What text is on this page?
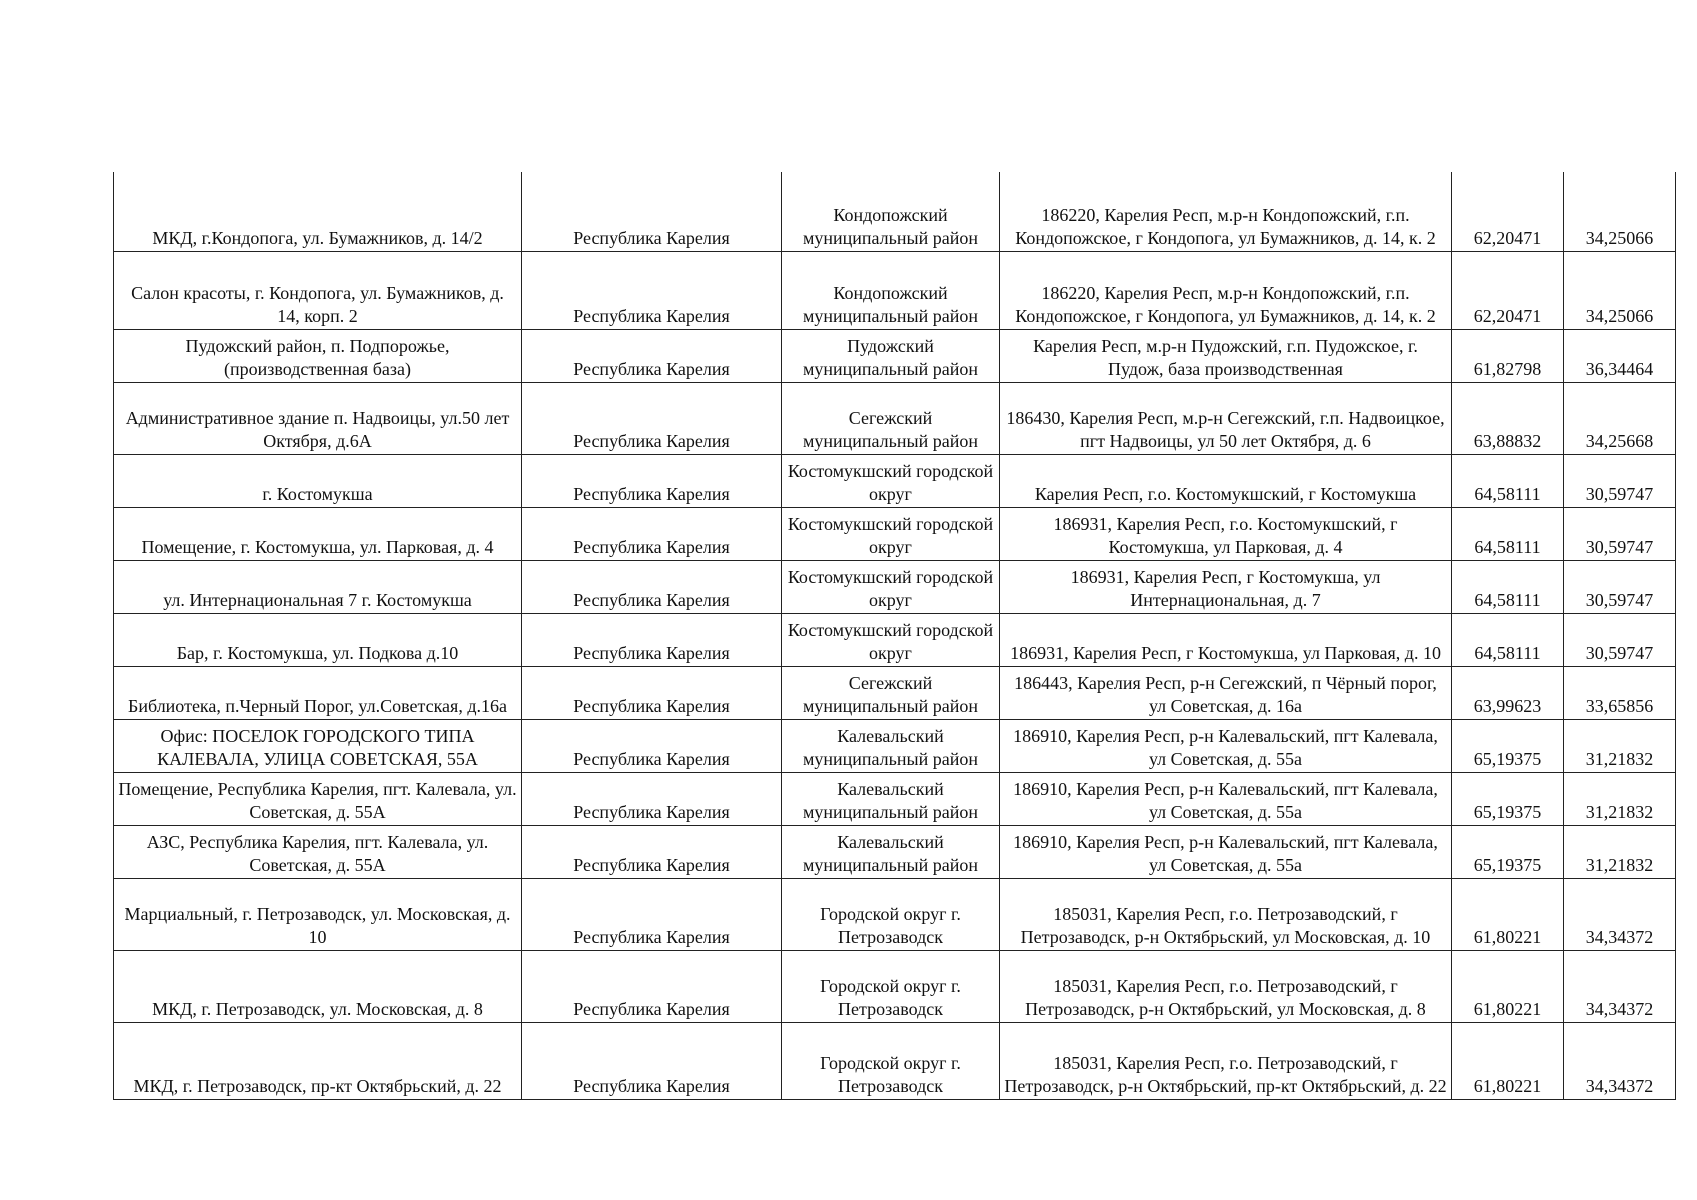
МКД, г.Кондопога, ул. Бумажников, д. 14/2	Республика Карелия	Кондопожский муниципальный район	186220, Карелия Респ, м.р-н Кондопожский, г.п. Кондопожское, г Кондопога, ул Бумажников, д. 14, к. 2	62,20471	34,25066
Салон красоты, г. Кондопога, ул. Бумажников, д. 14, корп. 2	Республика Карелия	Кондопожский муниципальный район	186220, Карелия Респ, м.р-н Кондопожский, г.п. Кондопожское, г Кондопога, ул Бумажников, д. 14, к. 2	62,20471	34,25066
Пудожский район, п. Подпорожье, (производственная база)	Республика Карелия	Пудожский муниципальный район	Карелия Респ, м.р-н Пудожский, г.п. Пудожское, г. Пудож, база производственная	61,82798	36,34464
Административное здание п. Надвоицы, ул.50 лет Октября, д.6А	Республика Карелия	Сегежский муниципальный район	186430, Карелия Респ, м.р-н Сегежский, г.п. Надвоицкое, пгт Надвоицы, ул 50 лет Октября, д. 6	63,88832	34,25668
г. Костомукша	Республика Карелия	Костомукшский городской округ	Карелия Респ, г.о. Костомукшский, г Костомукша	64,58111	30,59747
Помещение, г. Костомукша, ул. Парковая, д. 4	Республика Карелия	Костомукшский городской округ	186931, Карелия Респ, г.о. Костомукшский, г Костомукша, ул Парковая, д. 4	64,58111	30,59747
ул. Интернациональная 7 г. Костомукша	Республика Карелия	Костомукшский городской округ	186931, Карелия Респ, г Костомукша, ул Интернациональная, д. 7	64,58111	30,59747
Бар, г. Костомукша, ул. Подкова д.10	Республика Карелия	Костомукшский городской округ	186931, Карелия Респ, г Костомукша, ул Парковая, д. 10	64,58111	30,59747
Библиотека, п.Черный Порог, ул.Советская, д.16а	Республика Карелия	Сегежский муниципальный район	186443, Карелия Респ, р-н Сегежский, п Чёрный порог, ул Советская, д. 16а	63,99623	33,65856
Офис: ПОСЕЛОК ГОРОДСКОГО ТИПА КАЛЕВАЛА, УЛИЦА СОВЕТСКАЯ, 55А	Республика Карелия	Калевальский муниципальный район	186910, Карелия Респ, р-н Калевальский, пгт Калевала, ул Советская, д. 55а	65,19375	31,21832
Помещение, Республика Карелия, пгт. Калевала, ул. Советская, д. 55А	Республика Карелия	Калевальский муниципальный район	186910, Карелия Респ, р-н Калевальский, пгт Калевала, ул Советская, д. 55а	65,19375	31,21832
АЗС, Республика Карелия, пгт. Калевала, ул. Советская, д. 55А	Республика Карелия	Калевальский муниципальный район	186910, Карелия Респ, р-н Калевальский, пгт Калевала, ул Советская, д. 55а	65,19375	31,21832
Марциальный, г. Петрозаводск, ул. Московская, д. 10	Республика Карелия	Городской округ г. Петрозаводск	185031, Карелия Респ, г.о. Петрозаводский, г Петрозаводск, р-н Октябрьский, ул Московская, д. 10	61,80221	34,34372
МКД, г. Петрозаводск, ул. Московская, д. 8	Республика Карелия	Городской округ г. Петрозаводск	185031, Карелия Респ, г.о. Петрозаводский, г Петрозаводск, р-н Октябрьский, ул Московская, д. 8	61,80221	34,34372
МКД, г. Петрозаводск, пр-кт Октябрьский, д. 22	Республика Карелия	Городской округ г. Петрозаводск	185031, Карелия Респ, г.о. Петрозаводский, г Петрозаводск, р-н Октябрьский, пр-кт Октябрьский, д. 22	61,80221	34,34372
